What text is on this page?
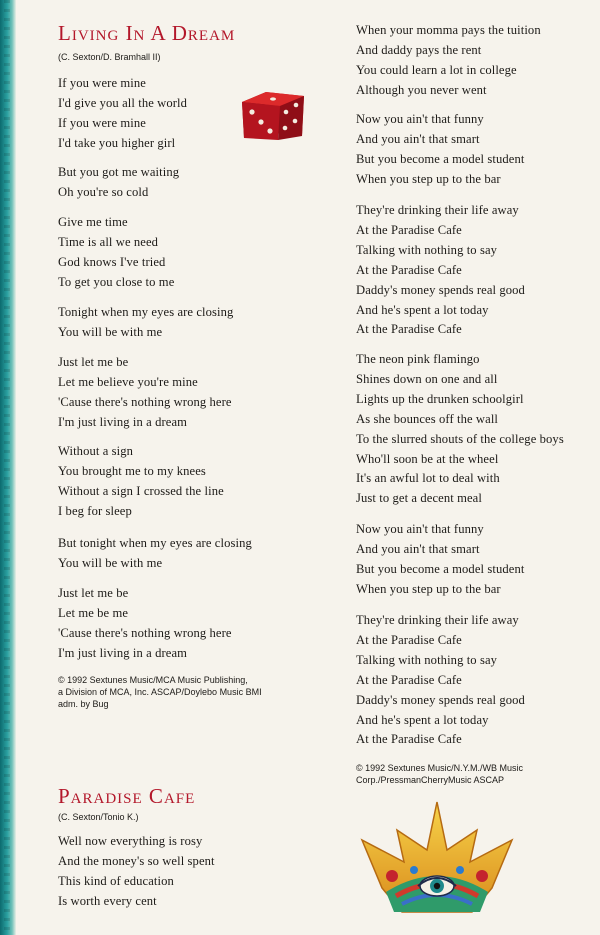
Living In A Dream
(C. Sexton/D. Bramhall II)
If you were mine
I'd give you all the world
If you were mine
I'd take you higher girl
But you got me waiting
Oh you're so cold
Give me time
Time is all we need
God knows I've tried
To get you close to me
Tonight when my eyes are closing
You will be with me
Just let me be
Let me believe you're mine
'Cause there's nothing wrong here
I'm just living in a dream
Without a sign
You brought me to my knees
Without a sign I crossed the line
I beg for sleep
But tonight when my eyes are closing
You will be with me
Just let me be
Let me be me
'Cause there's nothing wrong here
I'm just living in a dream
© 1992 Sextunes Music/MCA Music Publishing,
a Division of MCA, Inc. ASCAP/Doylebo Music BMI
adm. by Bug
Paradise Cafe
(C. Sexton/Tonio K.)
Well now everything is rosy
And the money's so well spent
This kind of education
Is worth every cent
When your momma pays the tuition
And daddy pays the rent
You could learn a lot in college
Although you never went
Now you ain't that funny
And you ain't that smart
But you become a model student
When you step up to the bar
They're drinking their life away
At the Paradise Cafe
Talking with nothing to say
At the Paradise Cafe
Daddy's money spends real good
And he's spent a lot today
At the Paradise Cafe
The neon pink flamingo
Shines down on one and all
Lights up the drunken schoolgirl
As she bounces off the wall
To the slurred shouts of the college boys
Who'll soon be at the wheel
It's an awful lot to deal with
Just to get a decent meal
Now you ain't that funny
And you ain't that smart
But you become a model student
When you step up to the bar
They're drinking their life away
At the Paradise Cafe
Talking with nothing to say
At the Paradise Cafe
Daddy's money spends real good
And he's spent a lot today
At the Paradise Cafe
© 1992 Sextunes Music/N.Y.M./WB Music
Corp./PressmanCherryMusic ASCAP
